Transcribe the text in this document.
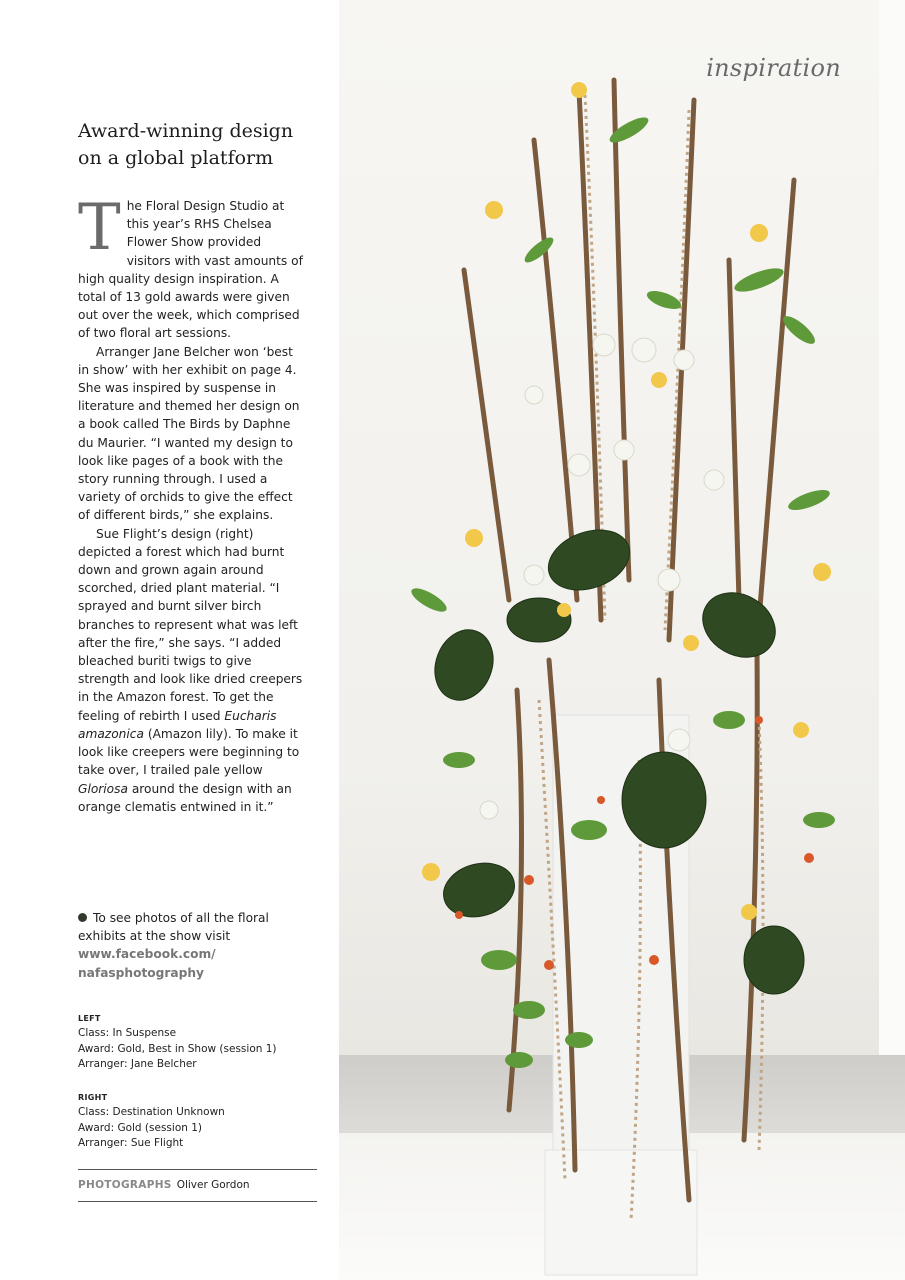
Award-winning design on a global platform

The Floral Design Studio at this year’s RHS Chelsea Flower Show provided visitors with vast amounts of high quality design inspiration. A total of 13 gold awards were given out over the week, which comprised of two floral art sessions.

Arranger Jane Belcher won ‘best in show’ with her exhibit on page 4. She was inspired by suspense in literature and themed her design on a book called The Birds by Daphne du Maurier. “I wanted my design to look like pages of a book with the story running through. I used a variety of orchids to give the effect of different birds,” she explains.

Sue Flight’s design (right) depicted a forest which had burnt down and grown again around scorched, dried plant material. “I sprayed and burnt silver birch branches to represent what was left after the fire,” she says. “I added bleached buriti twigs to give strength and look like dried creepers in the Amazon forest. To get the feeling of rebirth I used Eucharis amazonica (Amazon lily). To make it look like creepers were beginning to take over, I trailed pale yellow Gloriosa around the design with an orange clematis entwined in it.”

To see photos of all the floral exhibits at the show visit
www.facebook.com/
nafasphotography
LEFT
Class: In Suspense
Award: Gold, Best in Show (session 1)
Arranger: Jane Belcher
RIGHT
Class: Destination Unknown
Award: Gold (session 1)
Arranger: Sue Flight
PHOTOGRAPHS Oliver Gordon
inspiration
